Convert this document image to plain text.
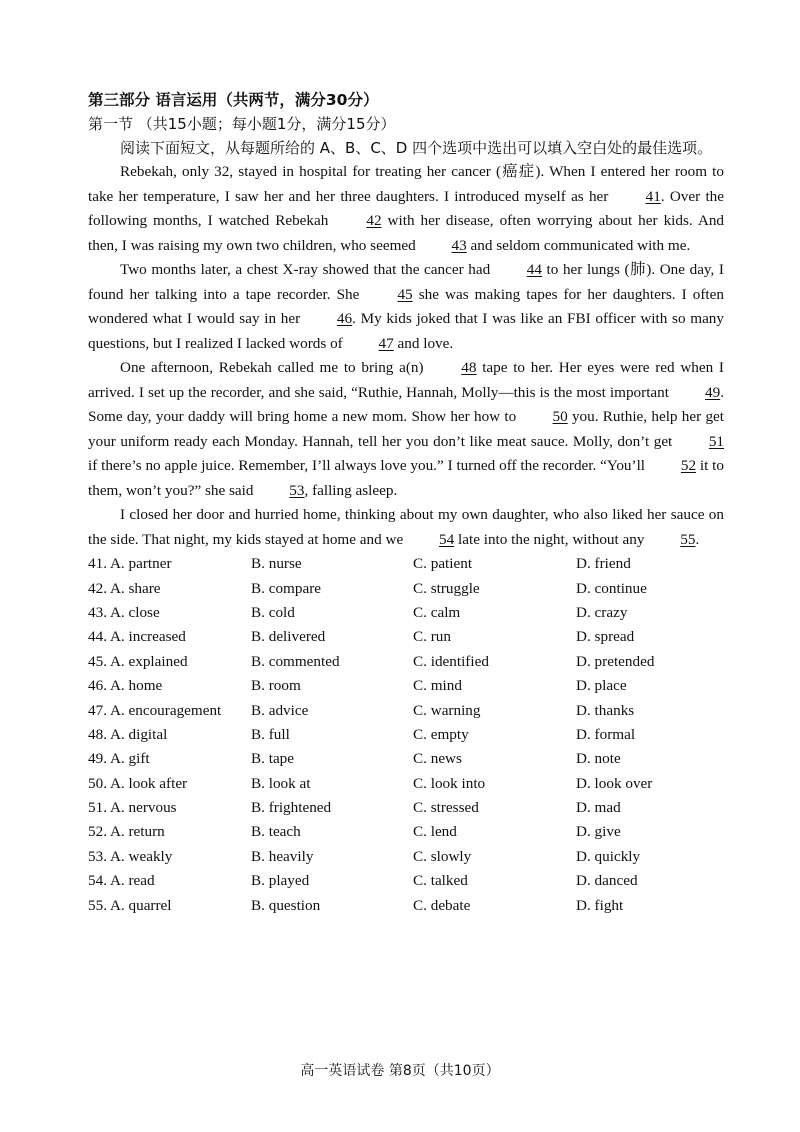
第三部分 语言运用（共两节，满分30分）
第一节 （共15小题；每小题1分，满分15分）
阅读下面短文，从每题所给的 A、B、C、D 四个选项中选出可以填入空白处的最佳选项。

Rebekah, only 32, stayed in hospital for treating her cancer (癌症). When I entered her room to take her temperature, I saw her and her three daughters. I introduced myself as her 41. Over the following months, I watched Rebekah 42 with her disease, often worrying about her kids. And then, I was raising my own two children, who seemed 43 and seldom communicated with me.

Two months later, a chest X-ray showed that the cancer had 44 to her lungs (肺). One day, I found her talking into a tape recorder. She 45 she was making tapes for her daughters. I often wondered what I would say in her 46. My kids joked that I was like an FBI officer with so many questions, but I realized I lacked words of 47 and love.

One afternoon, Rebekah called me to bring a(n) 48 tape to her. Her eyes were red when I arrived. I set up the recorder, and she said, “Ruthie, Hannah, Molly—this is the most important 49. Some day, your daddy will bring home a new mom. Show her how to 50 you. Ruthie, help her get your uniform ready each Monday. Hannah, tell her you don’t like meat sauce. Molly, don’t get 51 if there’s no apple juice. Remember, I’ll always love you.” I turned off the recorder. “You’ll 52 it to them, won’t you?” she said 53, falling asleep.

I closed her door and hurried home, thinking about my own daughter, who also liked her sauce on the side. That night, my kids stayed at home and we 54 late into the night, without any 55.

41. A. partner	B. nurse	C. patient	D. friend
42. A. share	B. compare	C. struggle	D. continue
43. A. close	B. cold	C. calm	D. crazy
44. A. increased	B. delivered	C. run	D. spread
45. A. explained	B. commented	C. identified	D. pretended
46. A. home	B. room	C. mind	D. place
47. A. encouragement	B. advice	C. warning	D. thanks
48. A. digital	B. full	C. empty	D. formal
49. A. gift	B. tape	C. news	D. note
50. A. look after	B. look at	C. look into	D. look over
51. A. nervous	B. frightened	C. stressed	D. mad
52. A. return	B. teach	C. lend	D. give
53. A. weakly	B. heavily	C. slowly	D. quickly
54. A. read	B. played	C. talked	D. danced
55. A. quarrel	B. question	C. debate	D. fight
高一英语试卷 第8页（共10页）
